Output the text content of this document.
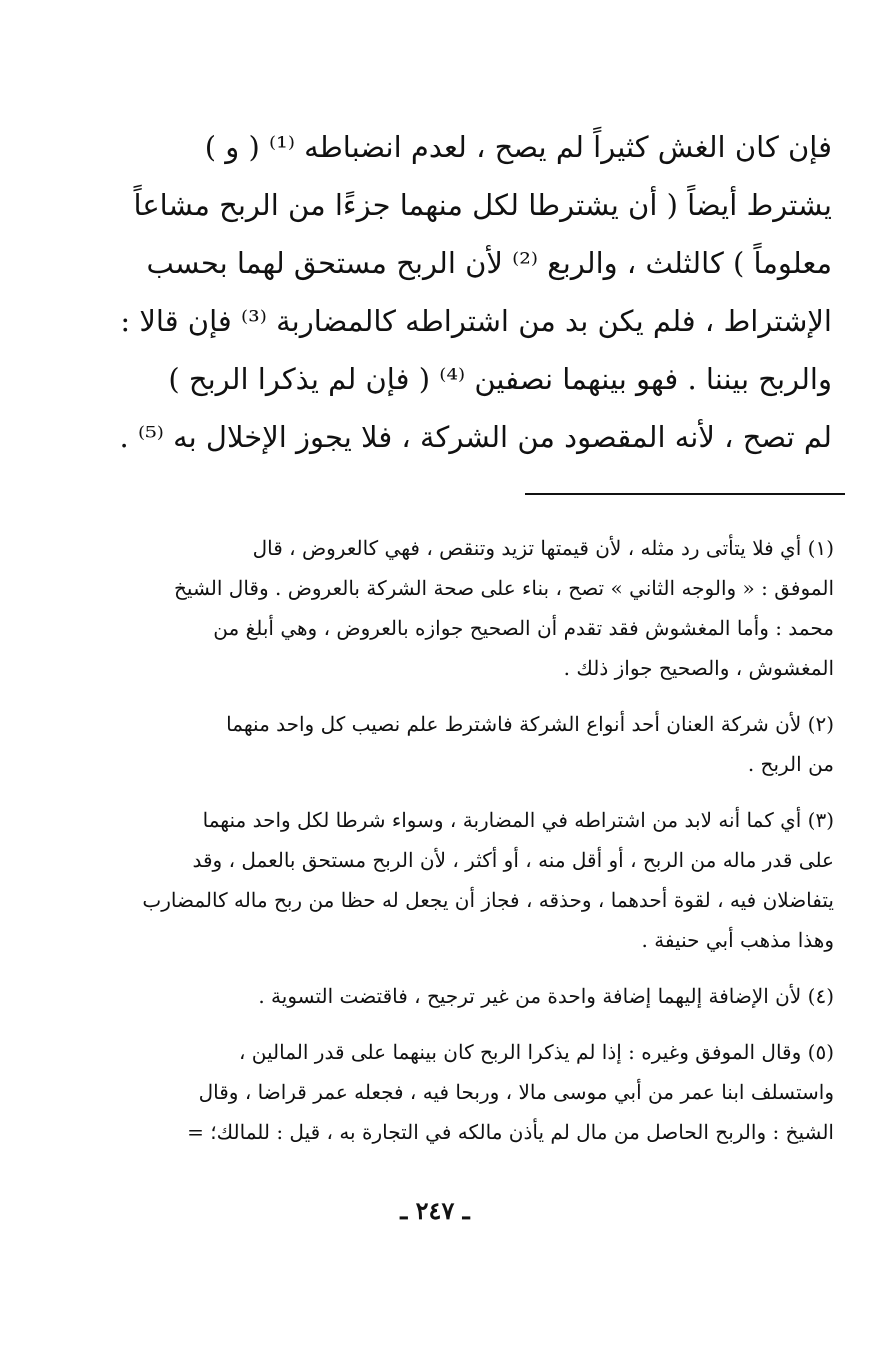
فإن كان الغش كثيراً لم يصح ، لعدم انضباطه ⁽¹⁾ ( و )
يشترط أيضاً ( أن يشترطا لكل منهما جزءًا من الربح مشاعاً
معلوماً ) كالثلث ، والربع ⁽²⁾ لأن الربح مستحق لهما بحسب
الإشتراط ، فلم يكن بد من اشتراطه كالمضاربة ⁽³⁾ فإن قالا :
والربح بيننا . فهو بينهما نصفين ⁽⁴⁾ ( فإن لم يذكرا الربح )
لم تصح ، لأنه المقصود من الشركة ، فلا يجوز الإخلال به ⁽⁵⁾ .
(١) أي فلا يتأتى رد مثله ، لأن قيمتها تزيد وتنقص ، فهي كالعروض ، قال
الموفق : « والوجه الثاني » تصح ، بناء على صحة الشركة بالعروض . وقال الشيخ
محمد : وأما المغشوش فقد تقدم أن الصحيح جوازه بالعروض ، وهي أبلغ من
المغشوش ، والصحيح جواز ذلك .
(٢) لأن شركة العنان أحد أنواع الشركة فاشترط علم نصيب كل واحد منهما
من الربح .
(٣) أي كما أنه لابد من اشتراطه في المضاربة ، وسواء شرطا لكل واحد منهما
على قدر ماله من الربح ، أو أقل منه ، أو أكثر ، لأن الربح مستحق بالعمل ، وقد
يتفاضلان فيه ، لقوة أحدهما ، وحذقه ، فجاز أن يجعل له حظا من ربح ماله كالمضارب
وهذا مذهب أبي حنيفة .
(٤) لأن الإضافة إليهما إضافة واحدة من غير ترجيح ، فاقتضت التسوية .
(٥) وقال الموفق وغيره : إذا لم يذكرا الربح كان بينهما على قدر المالين ،
واستسلف ابنا عمر من أبي موسى مالا ، وربحا فيه ، فجعله عمر قراضا ، وقال
الشيخ : والربح الحاصل من مال لم يأذن مالكه في التجارة به ، قيل : للمالك؛ =
ـ ٢٤٧ ـ
